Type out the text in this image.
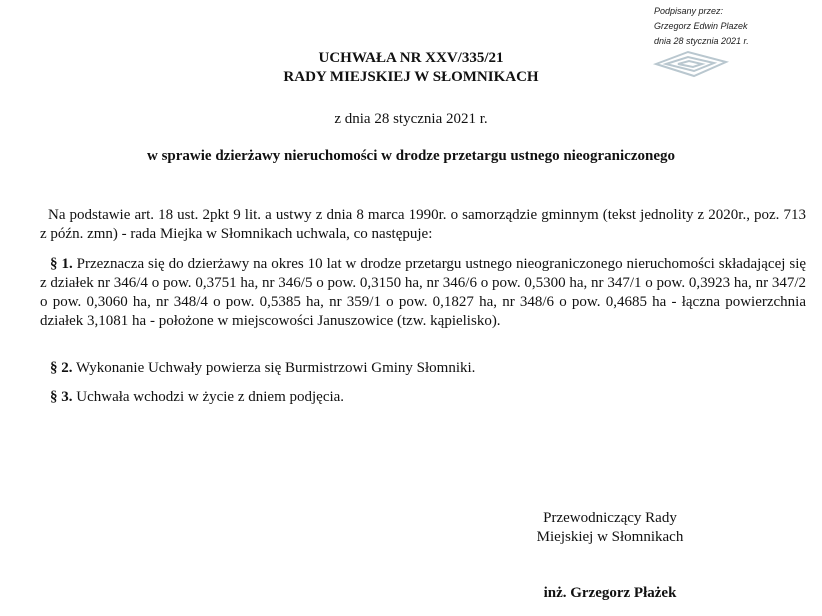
Podpisany przez:
Grzegorz Edwin Plazek
dnia 28 stycznia 2021 r.
UCHWAŁA NR XXV/335/21
RADY MIEJSKIEJ W SŁOMNIKACH
z dnia 28 stycznia 2021 r.
w sprawie dzierżawy nieruchomości w drodze przetargu ustnego nieograniczonego
Na podstawie art. 18 ust. 2pkt 9 lit. a ustwy z dnia 8 marca 1990r. o samorządzie gminnym (tekst jednolity z 2020r., poz. 713 z późn. zmn) - rada Miejka w Słomnikach uchwala, co następuje:
§ 1. Przeznacza się do dzierżawy na okres 10 lat w drodze przetargu ustnego nieograniczonego nieruchomości składającej się z działek nr 346/4 o pow. 0,3751 ha, nr 346/5 o pow. 0,3150 ha, nr 346/6 o pow. 0,5300 ha, nr 347/1 o pow. 0,3923 ha, nr 347/2 o pow. 0,3060 ha, nr 348/4 o pow. 0,5385 ha, nr 359/1 o pow. 0,1827 ha, nr 348/6 o pow. 0,4685 ha - łączna powierzchnia działek 3,1081 ha - położone w miejscowości Januszowice (tzw. kąpielisko).
§ 2. Wykonanie Uchwały powierza się Burmistrzowi Gminy Słomniki.
§ 3. Uchwała wchodzi w życie z dniem podjęcia.
Przewodniczący Rady
Miejskiej w Słomnikach
inż. Grzegorz Płażek
